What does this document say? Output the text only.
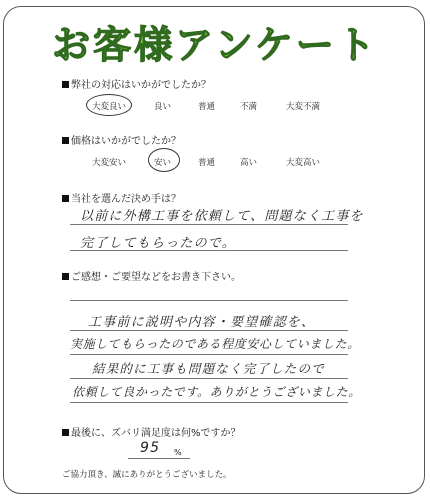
お客様アンケート
弊社の対応はいかがでしたか？
大変良い	良い	普通	不満	大変不満
価格はいかがでしたか？
大変安い	安い	普通	高い	大変高い
当社を選んだ決め手は？
以前に外構工事を依頼して、問題なく工事を
完了してもらったので。
ご感想・ご要望などをお書き下さい。
工事前に説明や内容・要望確認を、
実施してもらったのである程度安心していました。
結果的に工事も問題なく完了したので
依頼して良かったです。ありがとうございました。
最後に、ズバリ満足度は何%ですか？
95 %
ご協力頂き、誠にありがとうございました。
